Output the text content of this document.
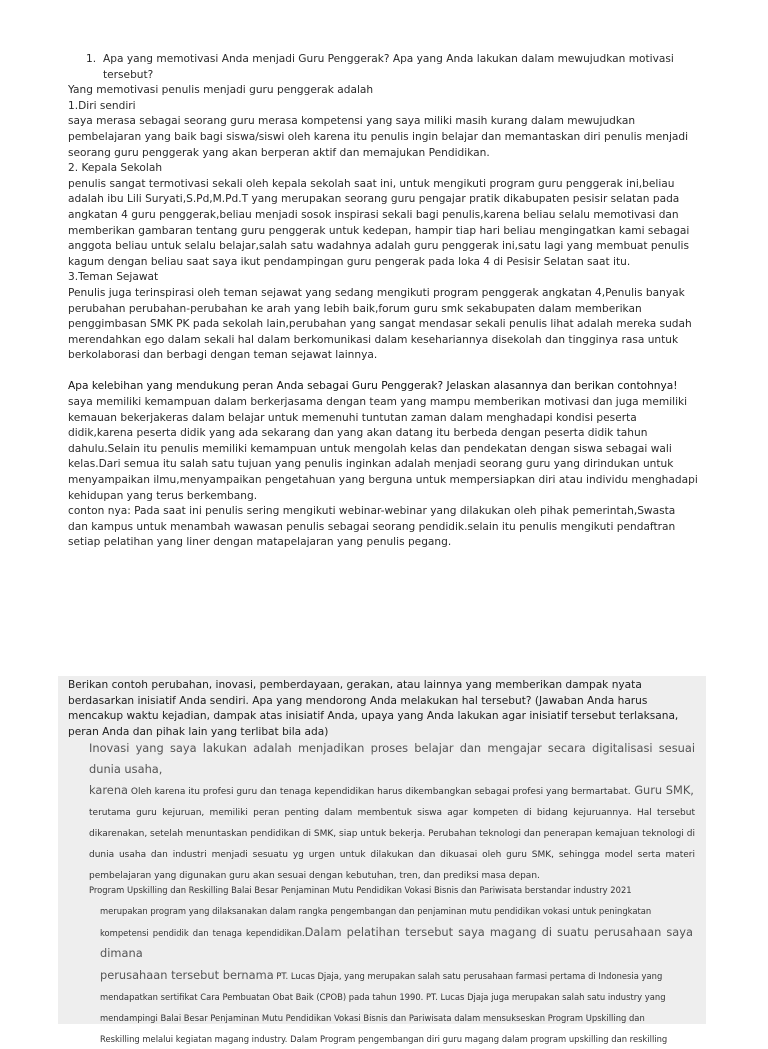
1. Apa yang memotivasi Anda menjadi Guru Penggerak? Apa yang Anda lakukan dalam mewujudkan motivasi tersebut?

Yang memotivasi penulis menjadi guru penggerak adalah

1.Diri sendiri

saya merasa sebagai seorang guru merasa kompetensi yang saya miliki masih kurang dalam mewujudkan pembelajaran yang baik bagi siswa/siswi oleh karena itu penulis ingin belajar dan memantaskan diri penulis menjadi seorang guru penggerak yang akan berperan aktif dan memajukan Pendidikan.

2. Kepala Sekolah

penulis sangat termotivasi sekali oleh kepala sekolah saat ini, untuk mengikuti program guru penggerak ini,beliau adalah ibu Lili Suryati,S.Pd,M.Pd.T yang merupakan seorang guru pengajar pratik dikabupaten pesisir selatan pada angkatan 4 guru penggerak,beliau menjadi sosok inspirasi sekali bagi penulis,karena beliau selalu memotivasi dan memberikan gambaran tentang guru penggerak untuk kedepan, hampir tiap hari beliau mengingatkan kami sebagai anggota beliau untuk selalu belajar,salah satu wadahnya adalah guru penggerak ini,satu lagi yang membuat penulis kagum dengan beliau saat saya ikut pendampingan guru pengerak pada loka 4 di Pesisir Selatan saat itu.

3.Teman Sejawat

Penulis juga terinspirasi oleh teman sejawat yang sedang mengikuti program penggerak angkatan 4,Penulis banyak perubahan perubahan-perubahan ke arah yang lebih baik,forum guru smk sekabupaten dalam memberikan penggimbasan SMK PK pada sekolah lain,perubahan yang sangat mendasar sekali penulis lihat adalah mereka sudah merendahkan ego dalam sekali hal dalam berkomunikasi dalam kesehariannya disekolah dan tingginya rasa untuk berkolaborasi dan berbagi dengan teman sejawat lainnya.

Apa kelebihan yang mendukung peran Anda sebagai Guru Penggerak? Jelaskan alasannya dan berikan contohnya!

saya memiliki kemampuan dalam berkerjasama dengan team yang mampu memberikan motivasi dan juga memiliki kemauan bekerjakeras dalam belajar untuk memenuhi tuntutan zaman dalam menghadapi kondisi peserta didik,karena peserta didik yang ada sekarang dan yang akan datang itu berbeda dengan peserta didik tahun dahulu.Selain itu penulis memiliki kemampuan untuk mengolah kelas dan pendekatan dengan siswa sebagai wali kelas.Dari semua itu salah satu tujuan yang penulis inginkan adalah menjadi seorang guru yang dirindukan untuk menyampaikan ilmu,menyampaikan pengetahuan yang berguna untuk mempersiapkan diri atau individu menghadapi kehidupan yang terus berkembang.

conton nya: Pada saat ini penulis sering mengikuti webinar-webinar yang dilakukan oleh pihak pemerintah,Swasta dan kampus untuk menambah wawasan penulis sebagai seorang pendidik.selain itu penulis mengikuti pendaftran setiap pelatihan yang liner dengan matapelajaran yang penulis pegang.

Berikan contoh perubahan, inovasi, pemberdayaan, gerakan, atau lainnya yang memberikan dampak nyata berdasarkan inisiatif Anda sendiri. Apa yang mendorong Anda melakukan hal tersebut? (Jawaban Anda harus mencakup waktu kejadian, dampak atas inisiatif Anda, upaya yang Anda lakukan agar inisiatif tersebut terlaksana, peran Anda dan pihak lain yang terlibat bila ada)

Inovasi yang saya lakukan adalah menjadikan proses belajar dan mengajar secara digitalisasi sesuai dunia usaha,

karena Oleh karena itu profesi guru dan tenaga kependidikan harus dikembangkan sebagai profesi yang bermartabat. Guru SMK,

terutama guru kejuruan, memiliki peran penting dalam membentuk siswa agar kompeten di bidang kejuruannya. Hal tersebut dikarenakan, setelah menuntaskan pendidikan di SMK, siap untuk bekerja. Perubahan teknologi dan penerapan kemajuan teknologi di dunia usaha dan industri menjadi sesuatu yg urgen untuk dilakukan dan dikuasai oleh guru SMK, sehingga model serta materi pembelajaran yang digunakan guru akan sesuai dengan kebutuhan, tren, dan prediksi masa depan.

Program Upskilling dan Reskilling Balai Besar Penjaminan Mutu Pendidikan Vokasi Bisnis dan Pariwisata berstandar industry 2021

merupakan program yang dilaksanakan dalam rangka pengembangan dan penjaminan mutu pendidikan vokasi untuk peningkatan

kompetensi pendidik dan tenaga kependidikan.Dalam pelatihan tersebut saya magang di suatu perusahaan saya dimana

perusahaan tersebut bernama PT. Lucas Djaja, yang merupakan salah satu perusahaan farmasi pertama di Indonesia yang

mendapatkan sertifikat Cara Pembuatan Obat Baik (CPOB) pada tahun 1990. PT. Lucas Djaja juga merupakan salah satu industry yang

mendampingi Balai Besar Penjaminan Mutu Pendidikan Vokasi Bisnis dan Pariwisata dalam mensukseskan Program Upskilling dan

Reskilling melalui kegiatan magang industry. Dalam Program pengembangan diri guru magang dalam program upskilling dan reskilling
